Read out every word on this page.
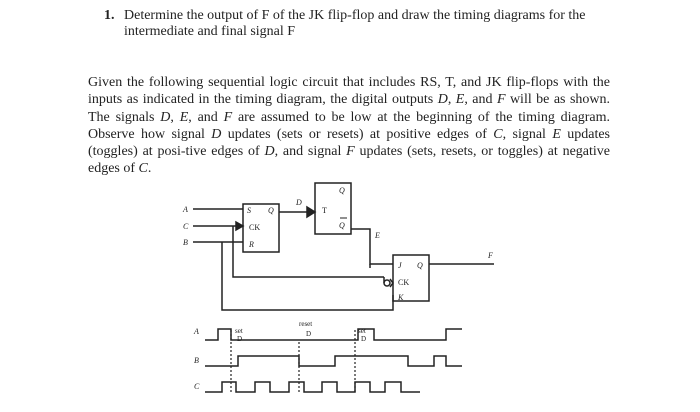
1. Determine the output of F of the JK flip-flop and draw the timing diagrams for the
intermediate and final signal F
Given the following sequential logic circuit that includes RS, T, and JK flip-flops with the inputs as indicated in the timing diagram, the digital outputs D, E, and F will be as shown. The signals D, E, and F are assumed to be low at the beginning of the timing diagram. Observe how signal D updates (sets or resets) at positive edges of C, signal E updates (toggles) at posi-tive edges of D, and signal F updates (sets, resets, or toggles) at negative edges of C.
A
C
B
S Q
CK
R
D
Q
T
Q
E
J Q
CK
K
F
A
B
C
set
D
reset
D	set
D
